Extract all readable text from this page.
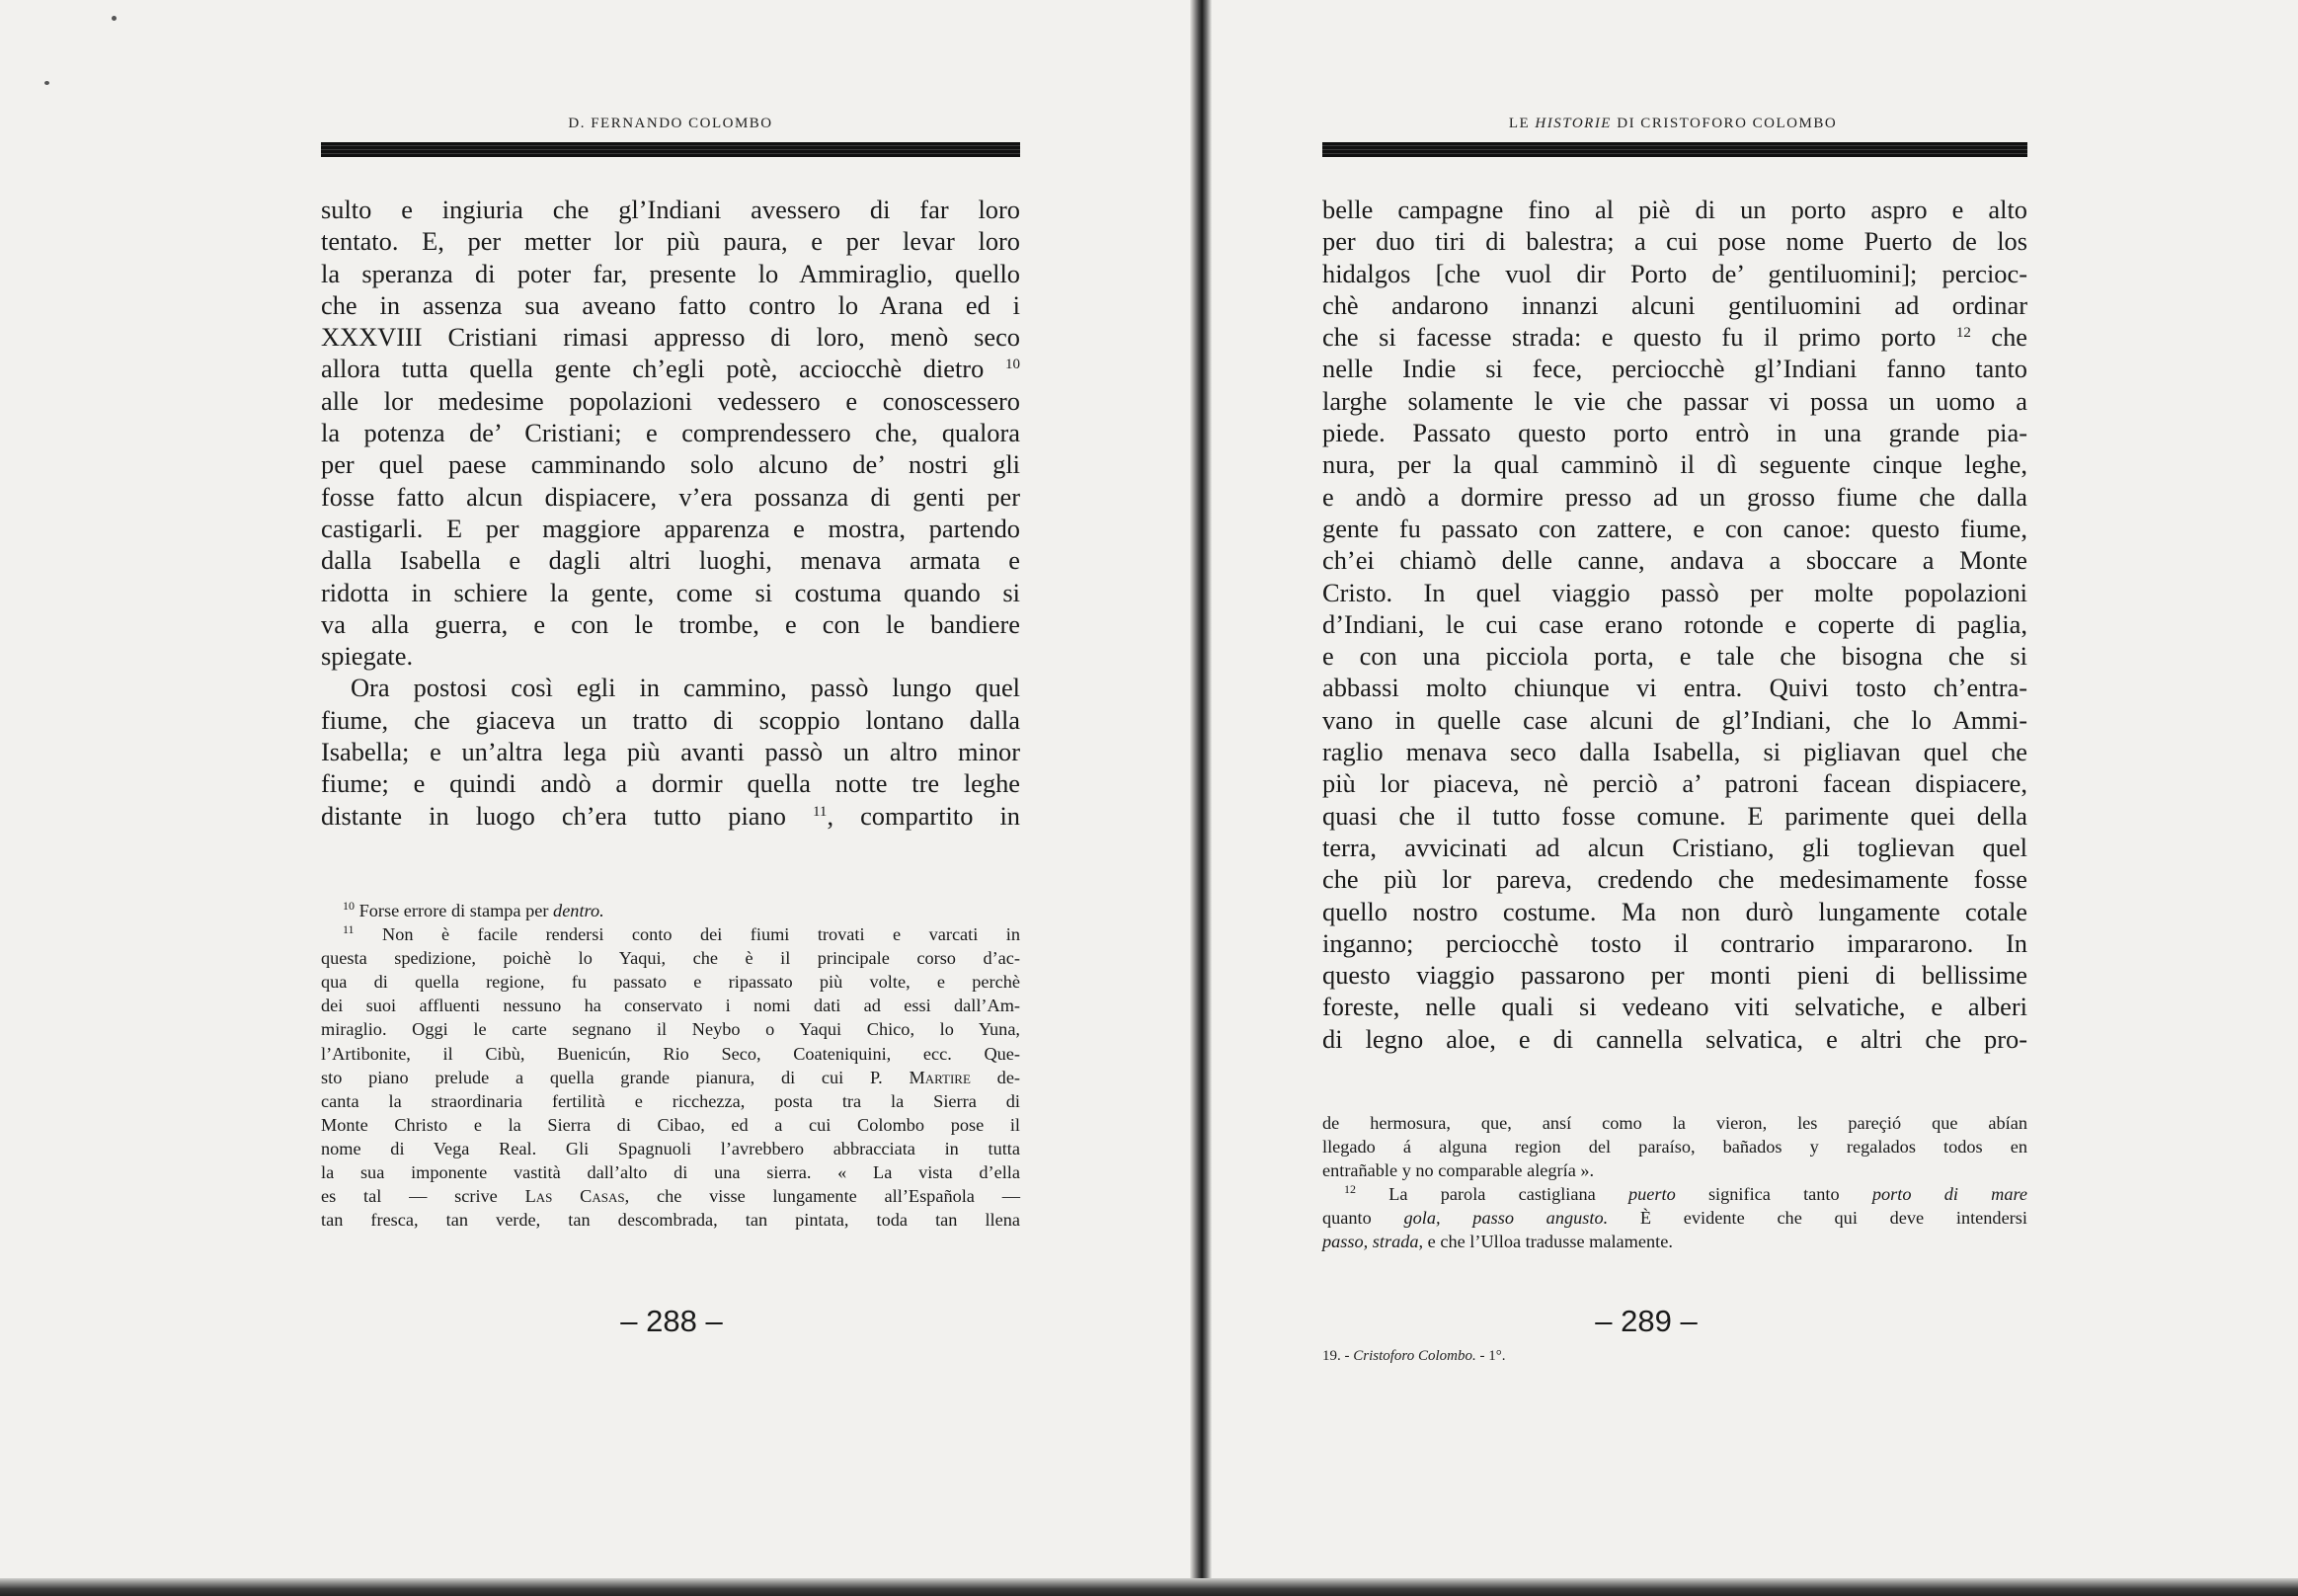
D. FERNANDO COLOMBO
sulto e ingiuria che gl’Indiani avessero di far loro
tentato. E, per metter lor più paura, e per levar loro
la speranza di poter far, presente lo Ammiraglio, quello
che in assenza sua aveano fatto contro lo Arana ed i
XXXVIII Cristiani rimasi appresso di loro, menò seco
allora tutta quella gente ch’egli potè, acciocchè dietro $^{10}$
alle lor medesime popolazioni vedessero e conoscessero
la potenza de’ Cristiani; e comprendessero che, qualora
per quel paese camminando solo alcuno de’ nostri gli
fosse fatto alcun dispiacere, v’era possanza di genti per
castigarli. E per maggiore apparenza e mostra, partendo
dalla Isabella e dagli altri luoghi, menava armata e
ridotta in schiere la gente, come si costuma quando si
va alla guerra, e con le trombe, e con le bandiere
spiegate.
Ora postosi così egli in cammino, passò lungo quel
fiume, che giaceva un tratto di scoppio lontano dalla
Isabella; e un’altra lega più avanti passò un altro minor
fiume; e quindi andò a dormir quella notte tre leghe
distante in luogo ch’era tutto piano $^{11}$, compartito in
$^{10}$ Forse errore di stampa per dentro.
$^{11}$ Non è facile rendersi conto dei fiumi trovati e varcati in
questa spedizione, poichè lo Yaqui, che è il principale corso d’ac-
qua di quella regione, fu passato e ripassato più volte, e perchè
dei suoi affluenti nessuno ha conservato i nomi dati ad essi dall’Am-
miraglio. Oggi le carte segnano il Neybo o Yaqui Chico, lo Yuna,
l’Artibonite, il Cibù, Buenicún, Rio Seco, Coateniquini, ecc. Que-
sto piano prelude a quella grande pianura, di cui P. Martire de-
canta la straordinaria fertilità e ricchezza, posta tra la Sierra di
Monte Christo e la Sierra di Cibao, ed a cui Colombo pose il
nome di Vega Real. Gli Spagnuoli l’avrebbero abbracciata in tutta
la sua imponente vastità dall’alto di una sierra. « La vista d’ella
es tal — scrive Las Casas, che visse lungamente all’Española —
tan fresca, tan verde, tan descombrada, tan pintata, toda tan llena
– 288 –
LE HISTORIE DI CRISTOFORO COLOMBO
belle campagne fino al piè di un porto aspro e alto
per duo tiri di balestra; a cui pose nome Puerto de los
hidalgos [che vuol dir Porto de’ gentiluomini]; percioc-
chè andarono innanzi alcuni gentiluomini ad ordinar
che si facesse strada: e questo fu il primo porto $^{12}$ che
nelle Indie si fece, perciocchè gl’Indiani fanno tanto
larghe solamente le vie che passar vi possa un uomo a
piede. Passato questo porto entrò in una grande pia-
nura, per la qual camminò il dì seguente cinque leghe,
e andò a dormire presso ad un grosso fiume che dalla
gente fu passato con zattere, e con canoe: questo fiume,
ch’ei chiamò delle canne, andava a sboccare a Monte
Cristo. In quel viaggio passò per molte popolazioni
d’Indiani, le cui case erano rotonde e coperte di paglia,
e con una picciola porta, e tale che bisogna che si
abbassi molto chiunque vi entra. Quivi tosto ch’entra-
vano in quelle case alcuni de gl’Indiani, che lo Ammi-
raglio menava seco dalla Isabella, si pigliavan quel che
più lor piaceva, nè perciò a’ patroni facean dispiacere,
quasi che il tutto fosse comune. E parimente quei della
terra, avvicinati ad alcun Cristiano, gli toglievan quel
che più lor pareva, credendo che medesimamente fosse
quello nostro costume. Ma non durò lungamente cotale
inganno; perciocchè tosto il contrario impararono. In
questo viaggio passarono per monti pieni di bellissime
foreste, nelle quali si vedeano viti selvatiche, e alberi
di legno aloe, e di cannella selvatica, e altri che pro-
de hermosura, que, ansí como la vieron, les pareçió que abían
llegado á alguna region del paraíso, bañados y regalados todos en
entrañable y no comparable alegría ».
$^{12}$ La parola castigliana puerto significa tanto porto di mare
quanto gola, passo angusto. È evidente che qui deve intendersi
passo, strada, e che l’Ulloa tradusse malamente.
– 289 –
19. - Cristoforo Colombo. - 1°.
